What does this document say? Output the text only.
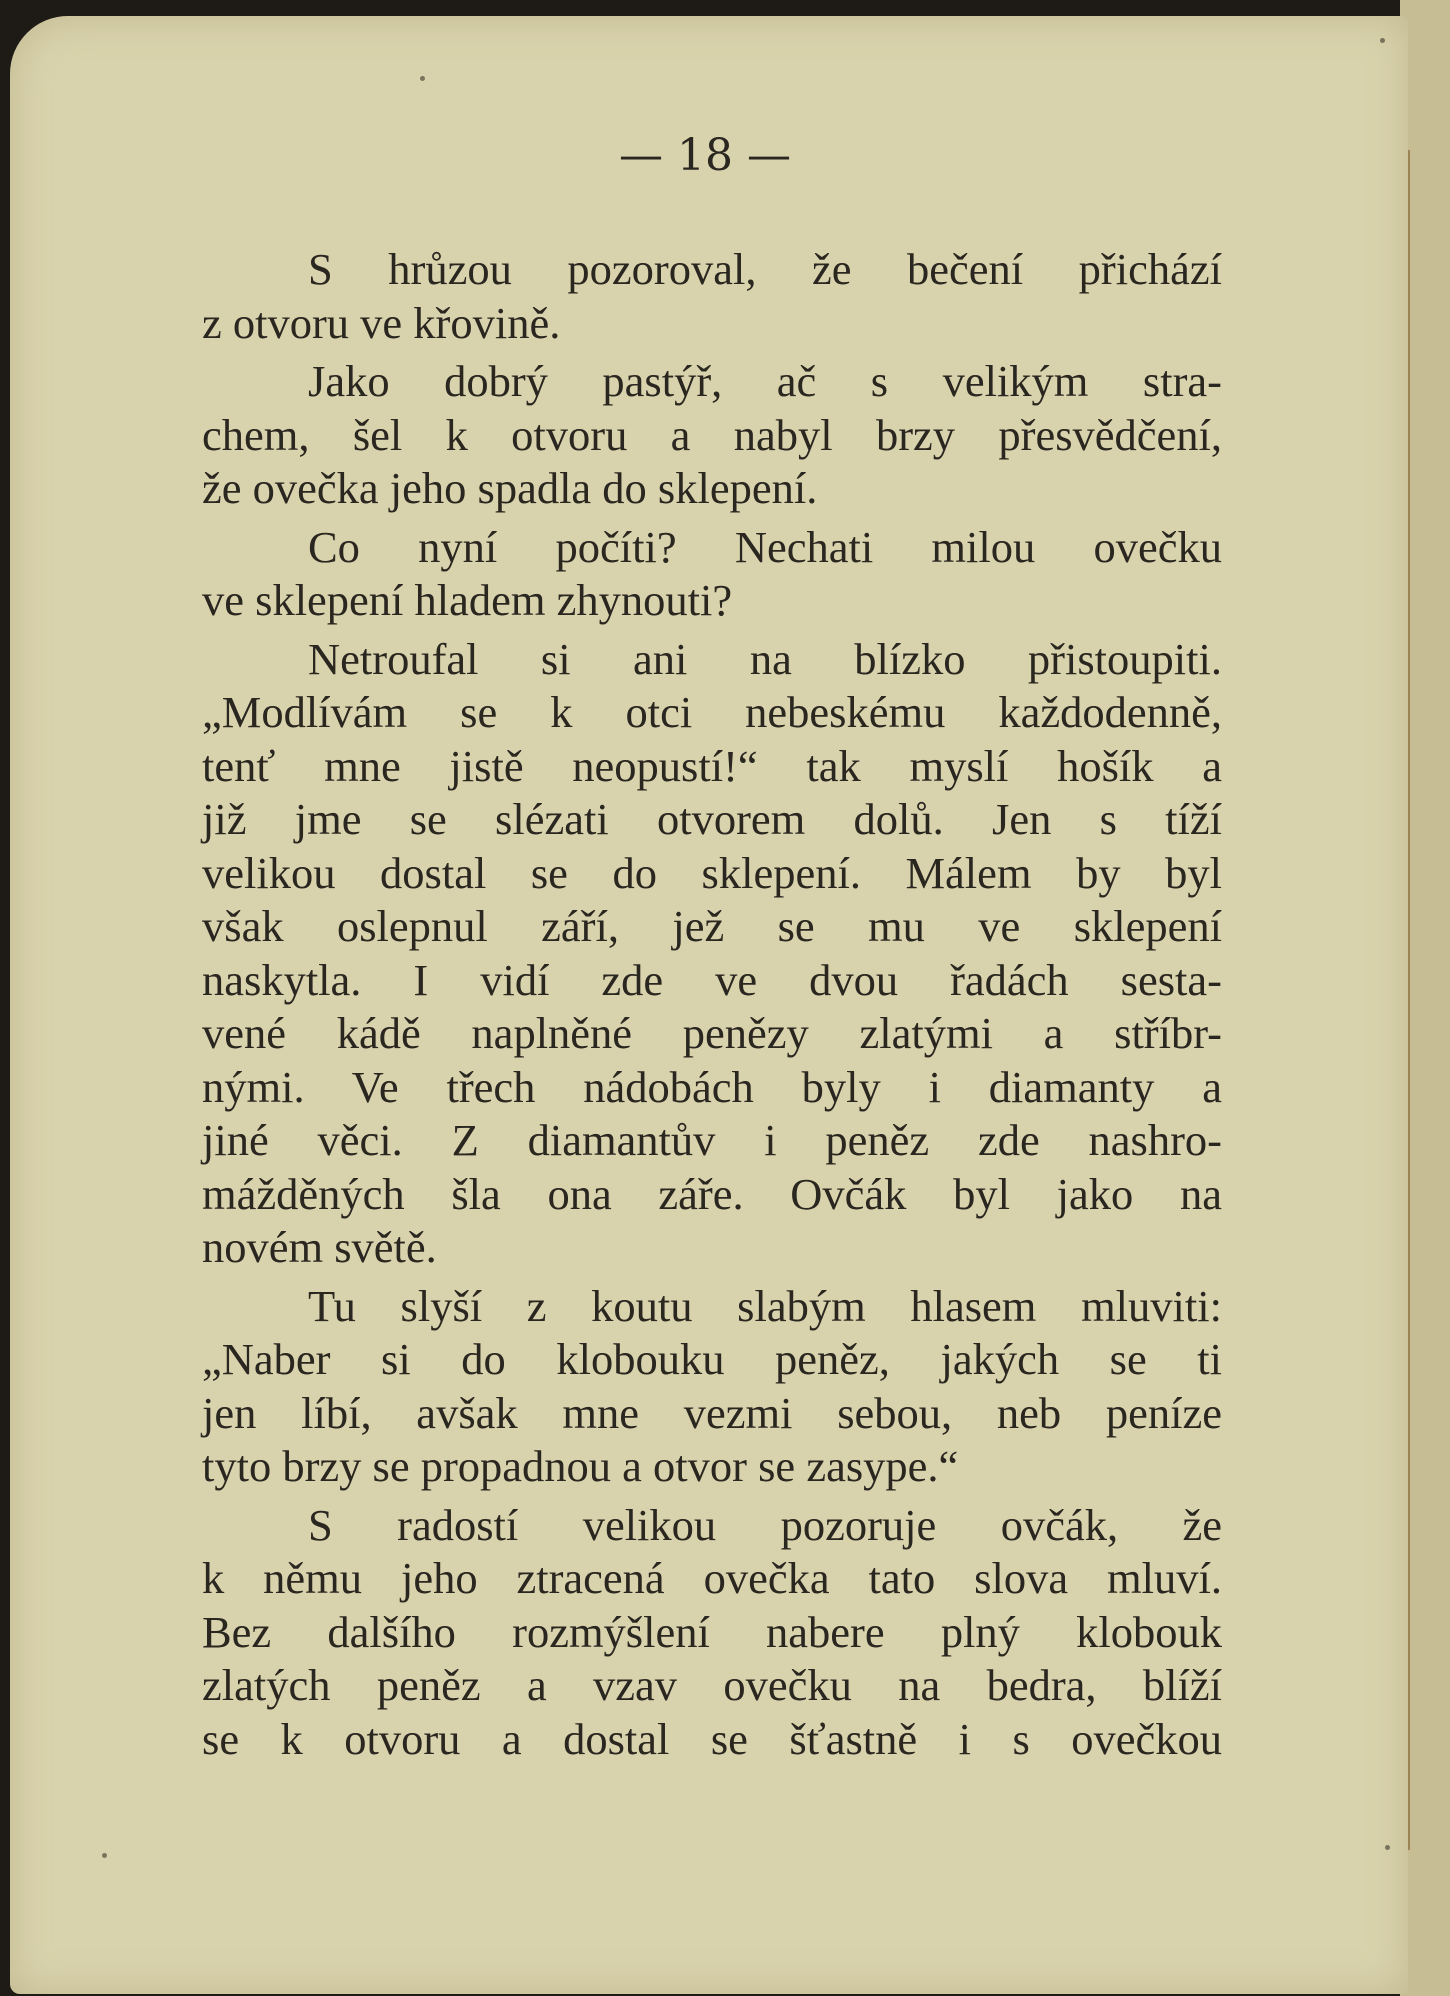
— 18 —
S hrůzou pozoroval, že bečení přichází
z otvoru ve křovině.
Jako dobrý pastýř, ač s velikým stra-
chem, šel k otvoru a nabyl brzy přesvědčení,
že ovečka jeho spadla do sklepení.
Co nyní počíti? Nechati milou ovečku
ve sklepení hladem zhynouti?
Netroufal si ani na blízko přistoupiti.
„Modlívám se k otci nebeskému každodenně,
tenť mne jistě neopustí!“ tak myslí hošík a
již jme se slézati otvorem dolů. Jen s tíží
velikou dostal se do sklepení. Málem by byl
však oslepnul září, jež se mu ve sklepení
naskytla. I vidí zde ve dvou řadách sesta-
vené kádě naplněné penězy zlatými a stříbr-
nými. Ve třech nádobách byly i diamanty a
jiné věci. Z diamantův i peněz zde nashro-
mážděných šla ona záře. Ovčák byl jako na
novém světě.
Tu slyší z koutu slabým hlasem mluviti:
„Naber si do klobouku peněz, jakých se ti
jen líbí, avšak mne vezmi sebou, neb peníze
tyto brzy se propadnou a otvor se zasype.“
S radostí velikou pozoruje ovčák, že
k němu jeho ztracená ovečka tato slova mluví.
Bez dalšího rozmýšlení nabere plný klobouk
zlatých peněz a vzav ovečku na bedra, blíží
se k otvoru a dostal se šťastně i s ovečkou
